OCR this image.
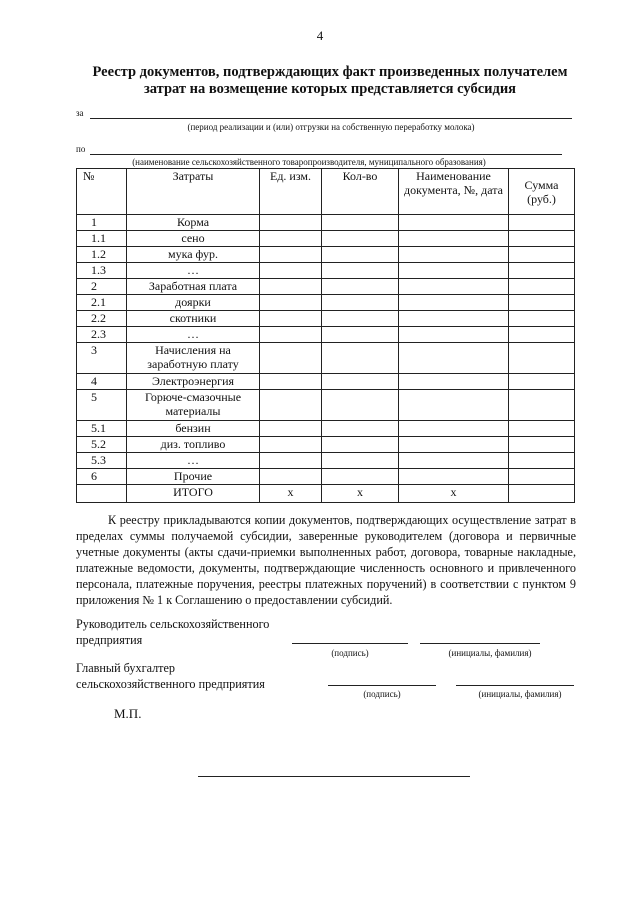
4
Реестр документов, подтверждающих факт произведенных получателем
затрат на возмещение которых представляется субсидия
за
(период реализации и (или) отгрузки на собственную переработку молока)
по
(наименование сельскохозяйственного товаропроизводителя, муниципального образования)
№	Затраты	Ед. изм.	Кол-во	Наименование документа, №, дата	Сумма (руб.)
1	Корма				
1.1	сено				
1.2	мука фур.				
1.3	…				
2	Заработная плата				
2.1	доярки				
2.2	скотники				
2.3	…				
3	Начисления на заработную плату				
4	Электроэнергия				
5	Горюче-смазочные материалы				
5.1	бензин				
5.2	диз. топливо				
5.3	…				
6	Прочие				
	ИТОГО	х	х	х	
К реестру прикладываются копии документов, подтверждающих осуществление затрат в пределах суммы получаемой субсидии, заверенные руководителем (договора и первичные учетные документы (акты сдачи-приемки выполненных работ, договора, товарные накладные, платежные ведомости, документы, подтверждающие численность основного и привлеченного персонала, платежные поручения, реестры платежных поручений) в соответствии с пунктом 9 приложения № 1 к Соглашению о предоставлении субсидий.
Руководитель сельскохозяйственного
предприятия
(подпись)	(инициалы, фамилия)
Главный бухгалтер
сельскохозяйственного предприятия
(подпись)	(инициалы, фамилия)
М.П.
